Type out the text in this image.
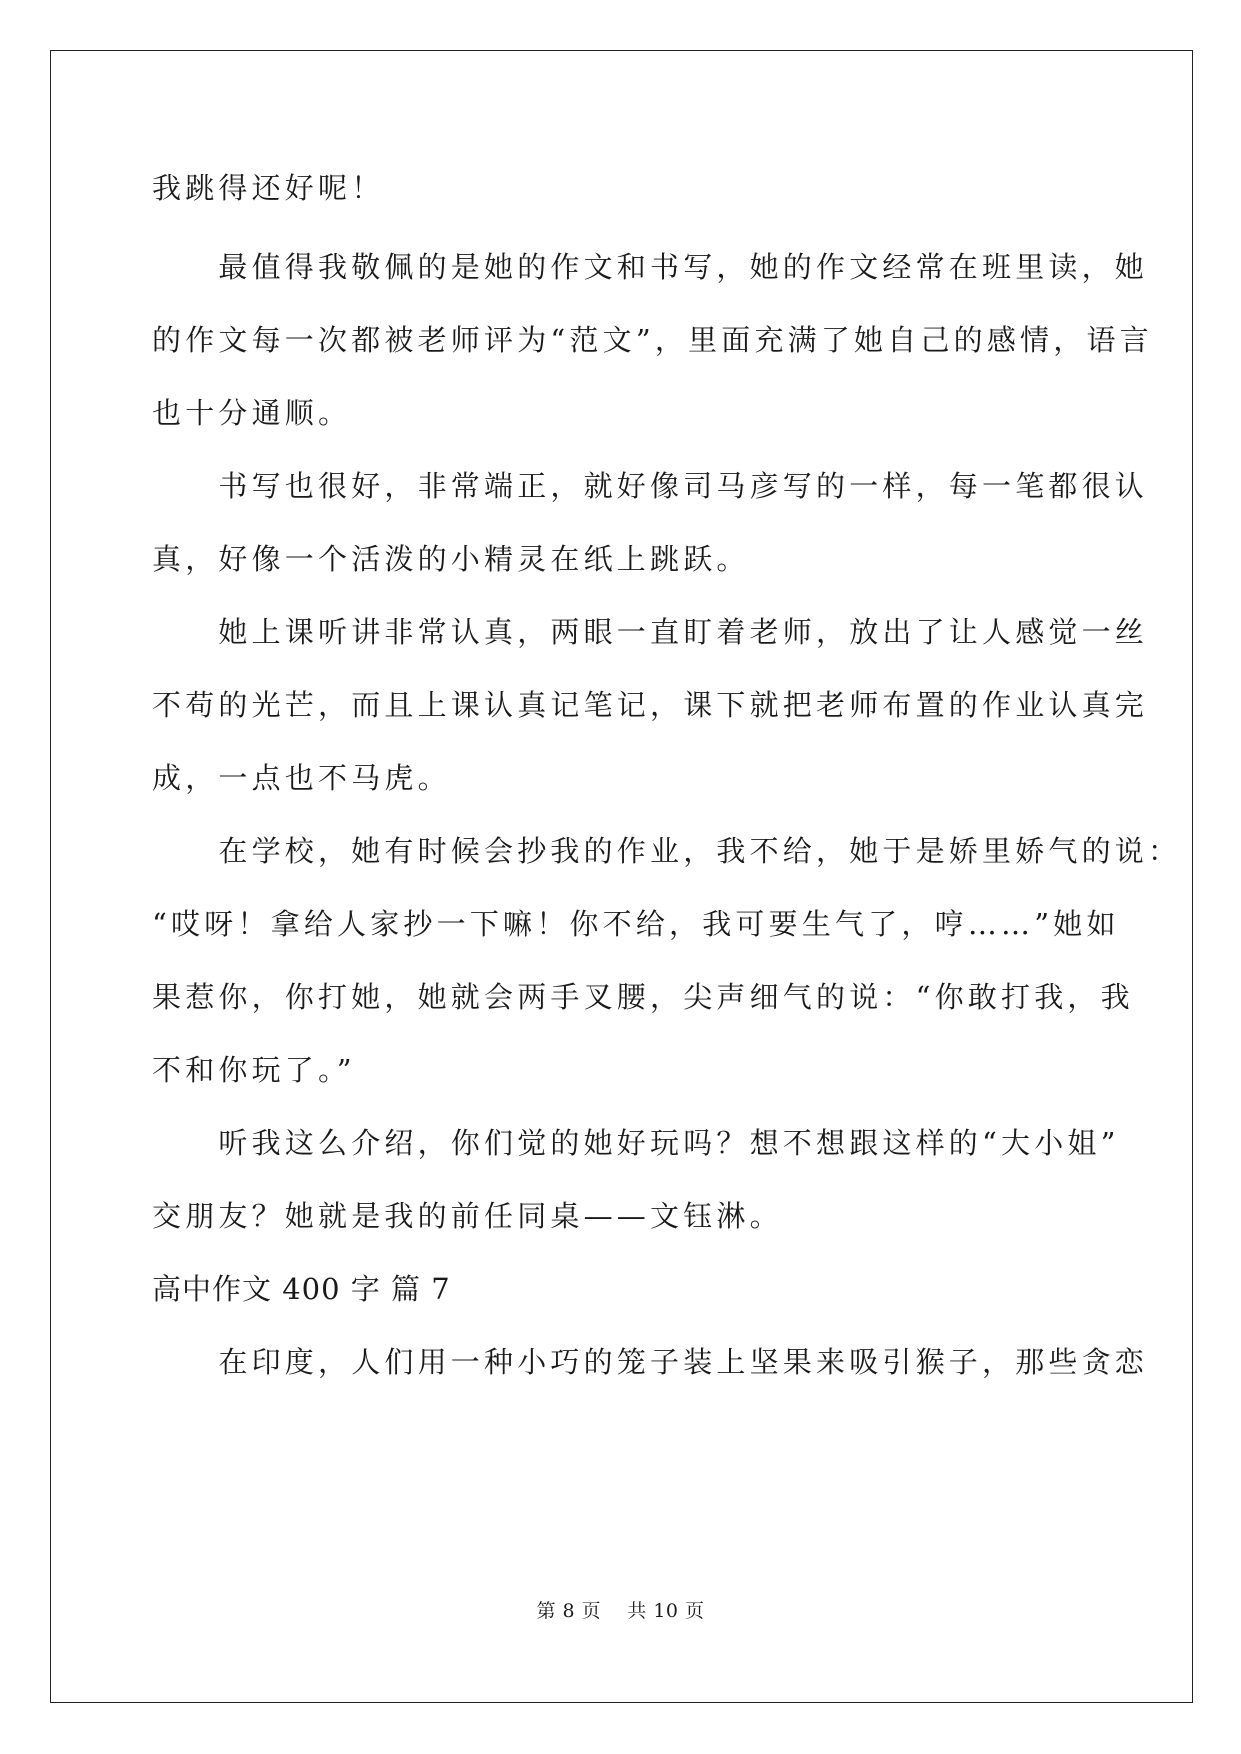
我跳得还好呢！
　　最值得我敬佩的是她的作文和书写，她的作文经常在班里读，她
的作文每一次都被老师评为“范文”，里面充满了她自己的感情，语言
也十分通顺。
　　书写也很好，非常端正，就好像司马彦写的一样，每一笔都很认
真，好像一个活泼的小精灵在纸上跳跃。
　　她上课听讲非常认真，两眼一直盯着老师，放出了让人感觉一丝
不苟的光芒，而且上课认真记笔记，课下就把老师布置的作业认真完
成，一点也不马虎。
　　在学校，她有时候会抄我的作业，我不给，她于是娇里娇气的说：
“哎呀！拿给人家抄一下嘛！你不给，我可要生气了，哼……”她如
果惹你，你打她，她就会两手叉腰，尖声细气的说：“你敢打我，我
不和你玩了。”
　　听我这么介绍，你们觉的她好玩吗？想不想跟这样的“大小姐”
交朋友？她就是我的前任同桌——文钰淋。
高中作文 400 字 篇 7
　　在印度，人们用一种小巧的笼子装上坚果来吸引猴子，那些贪恋
第 8 页    共 10 页
